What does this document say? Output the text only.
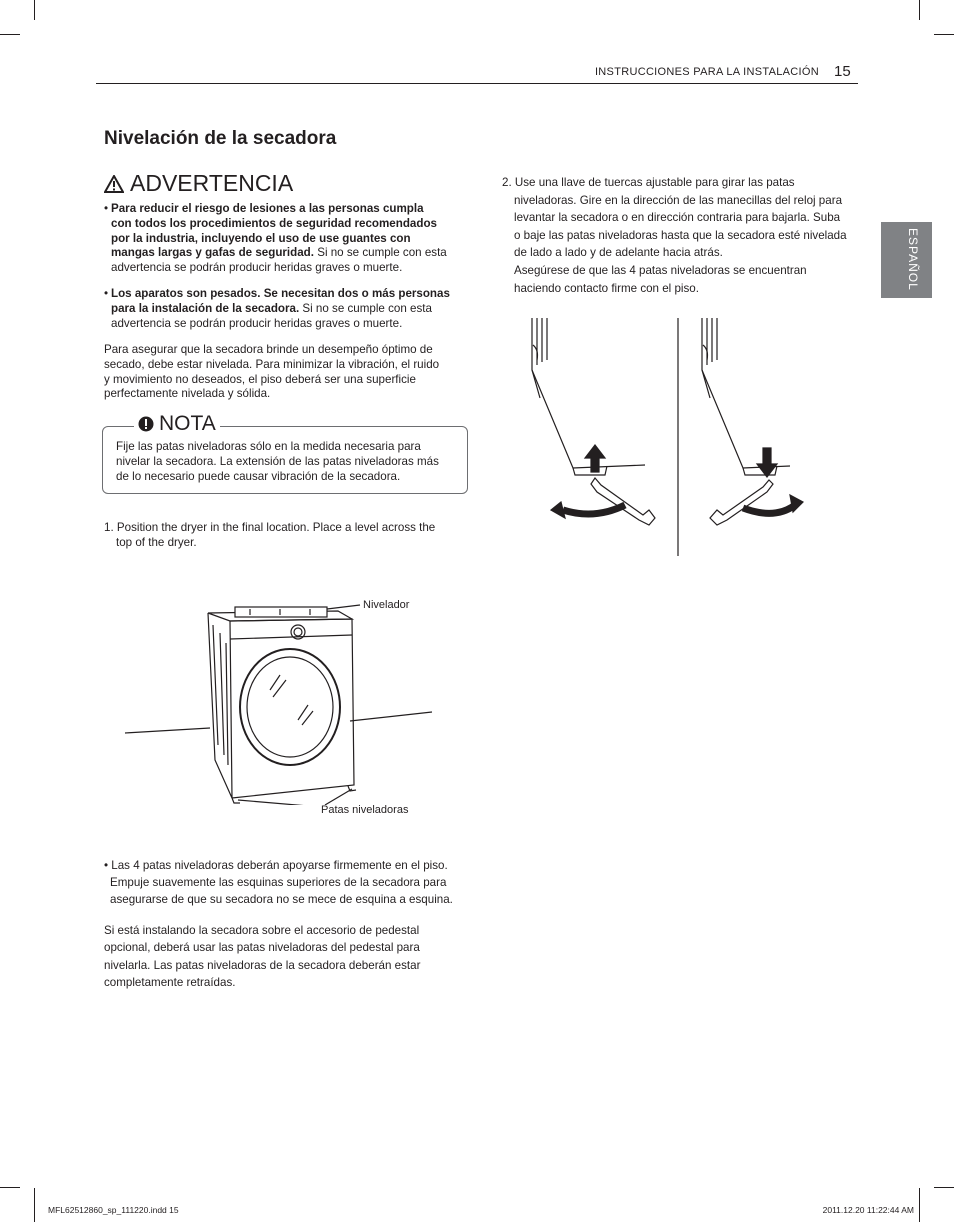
INSTRUCCIONES PARA LA INSTALACIÓN 15
ESPAÑOL
Nivelación de la secadora
ADVERTENCIA
• Para reducir el riesgo de lesiones a las personas cumpla
con todos los procedimientos de seguridad recomendados
por la industria, incluyendo el uso de use guantes con
mangas largas y gafas de seguridad. Si no se cumple con esta
advertencia se podrán producir heridas graves o muerte.
• Los aparatos son pesados. Se necesitan dos o más personas
para la instalación de la secadora. Si no se cumple con esta
advertencia se podrán producir heridas graves o muerte.
Para asegurar que la secadora brinde un desempeño óptimo de
secado, debe estar nivelada. Para minimizar la vibración, el ruido
y movimiento no deseados, el piso deberá ser una superficie
perfectamente nivelada y sólida.
NOTA
Fije las patas niveladoras sólo en la medida necesaria para
nivelar la secadora. La extensión de las patas niveladoras más
de lo necesario puede causar vibración de la secadora.
1. Position the dryer in the final location. Place a level across the
top of the dryer.
Nivelador
Patas niveladoras
• Las 4 patas niveladoras deberán apoyarse firmemente en el piso.
Empuje suavemente las esquinas superiores de la secadora para
asegurarse de que su secadora no se mece de esquina a esquina.
Si está instalando la secadora sobre el accesorio de pedestal
opcional, deberá usar las patas niveladoras del pedestal para
nivelarla. Las patas niveladoras de la secadora deberán estar
completamente retraídas.
2. Use una llave de tuercas ajustable para girar las patas
niveladoras. Gire en la dirección de las manecillas del reloj para
levantar la secadora o en dirección contraria para bajarla. Suba
o baje las patas niveladoras hasta que la secadora esté nivelada
de lado a lado y de adelante hacia atrás.
Asegúrese de que las 4 patas niveladoras se encuentran
haciendo contacto firme con el piso.
MFL62512860_sp_111220.indd 15	2011.12.20 11:22:44 AM
